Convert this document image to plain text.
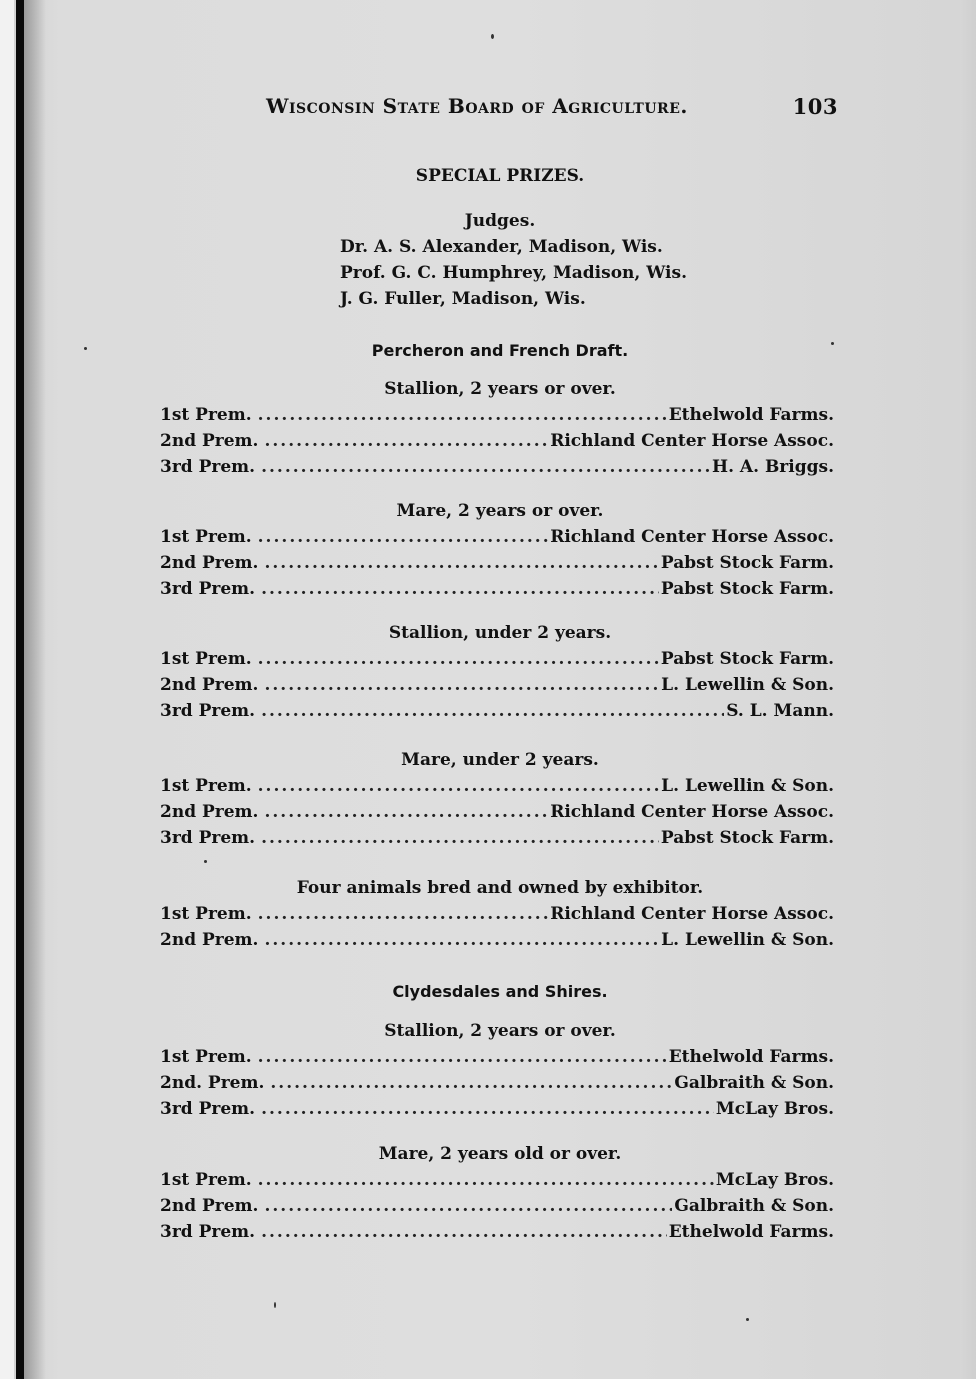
Wisconsin State Board of Agriculture.	103
SPECIAL PRIZES.
Judges.
Dr. A. S. Alexander, Madison, Wis.
Prof. G. C. Humphrey, Madison, Wis.
J. G. Fuller, Madison, Wis.
Percheron and French Draft.
Stallion, 2 years or over.
1st Prem. .....	Ethelwold Farms.
2nd Prem. .....	Richland Center Horse Assoc.
3rd Prem. .....	H. A. Briggs.
Mare, 2 years or over.
1st Prem. .....	Richland Center Horse Assoc.
2nd Prem. .....	Pabst Stock Farm.
3rd Prem. .....	Pabst Stock Farm.
Stallion, under 2 years.
1st Prem. .....	Pabst Stock Farm.
2nd Prem. .....	L. Lewellin & Son.
3rd Prem. .....	S. L. Mann.
Mare, under 2 years.
1st Prem. .....	L. Lewellin & Son.
2nd Prem. .....	Richland Center Horse Assoc.
3rd Prem. .....	Pabst Stock Farm.
Four animals bred and owned by exhibitor.
1st Prem. .....	Richland Center Horse Assoc.
2nd Prem. .....	L. Lewellin & Son.
Clydesdales and Shires.
Stallion, 2 years or over.
1st Prem. .....	Ethelwold Farms.
2nd. Prem. .....	Galbraith & Son.
3rd Prem. .....	McLay Bros.
Mare, 2 years old or over.
1st Prem. .....	McLay Bros.
2nd Prem. .....	Galbraith & Son.
3rd Prem. .....	Ethelwold Farms.
